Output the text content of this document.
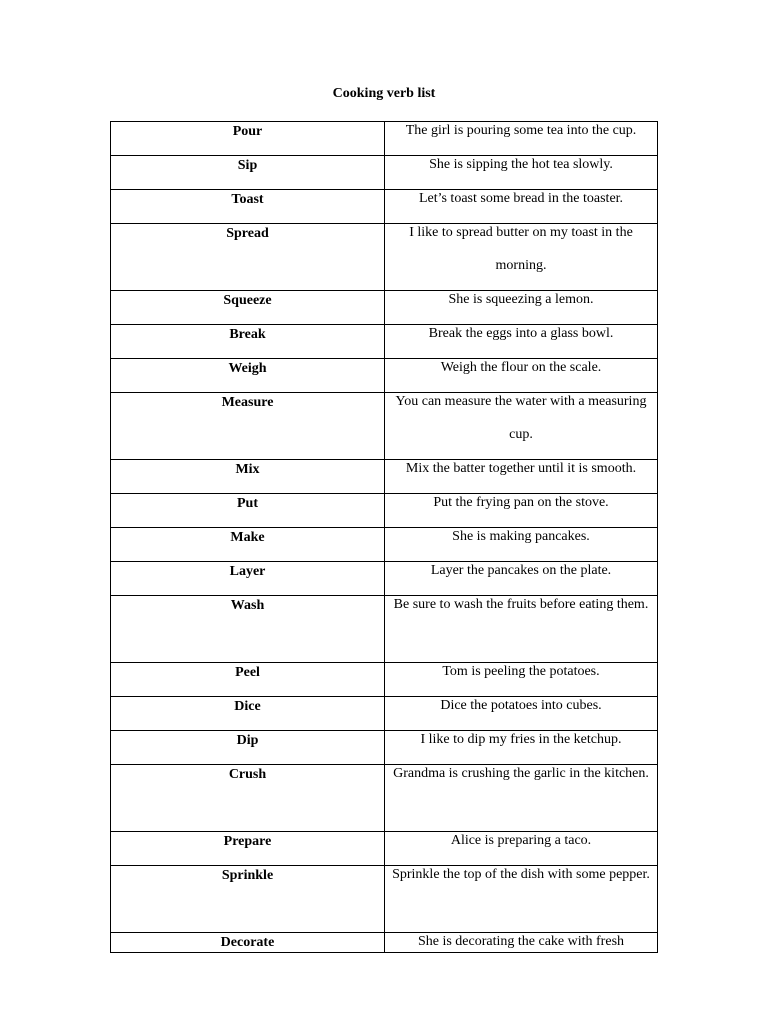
Cooking verb list
Pour	The girl is pouring some tea into the cup.

Sip	She is sipping the hot tea slowly.

Toast	Let’s toast some bread in the toaster.

Spread	I like to spread butter on my toast in the morning.

Squeeze	She is squeezing a lemon.

Break	Break the eggs into a glass bowl.

Weigh	Weigh the flour on the scale.

Measure	You can measure the water with a measuring cup.

Mix	Mix the batter together until it is smooth.

Put	Put the frying pan on the stove.

Make	She is making pancakes.

Layer	Layer the pancakes on the plate.

Wash	Be sure to wash the fruits before eating them.

Peel	Tom is peeling the potatoes.

Dice	Dice the potatoes into cubes.

Dip	I like to dip my fries in the ketchup.

Crush	Grandma is crushing the garlic in the kitchen.

Prepare	Alice is preparing a taco.

Sprinkle	Sprinkle the top of the dish with some pepper.

Decorate	She is decorating the cake with fresh
